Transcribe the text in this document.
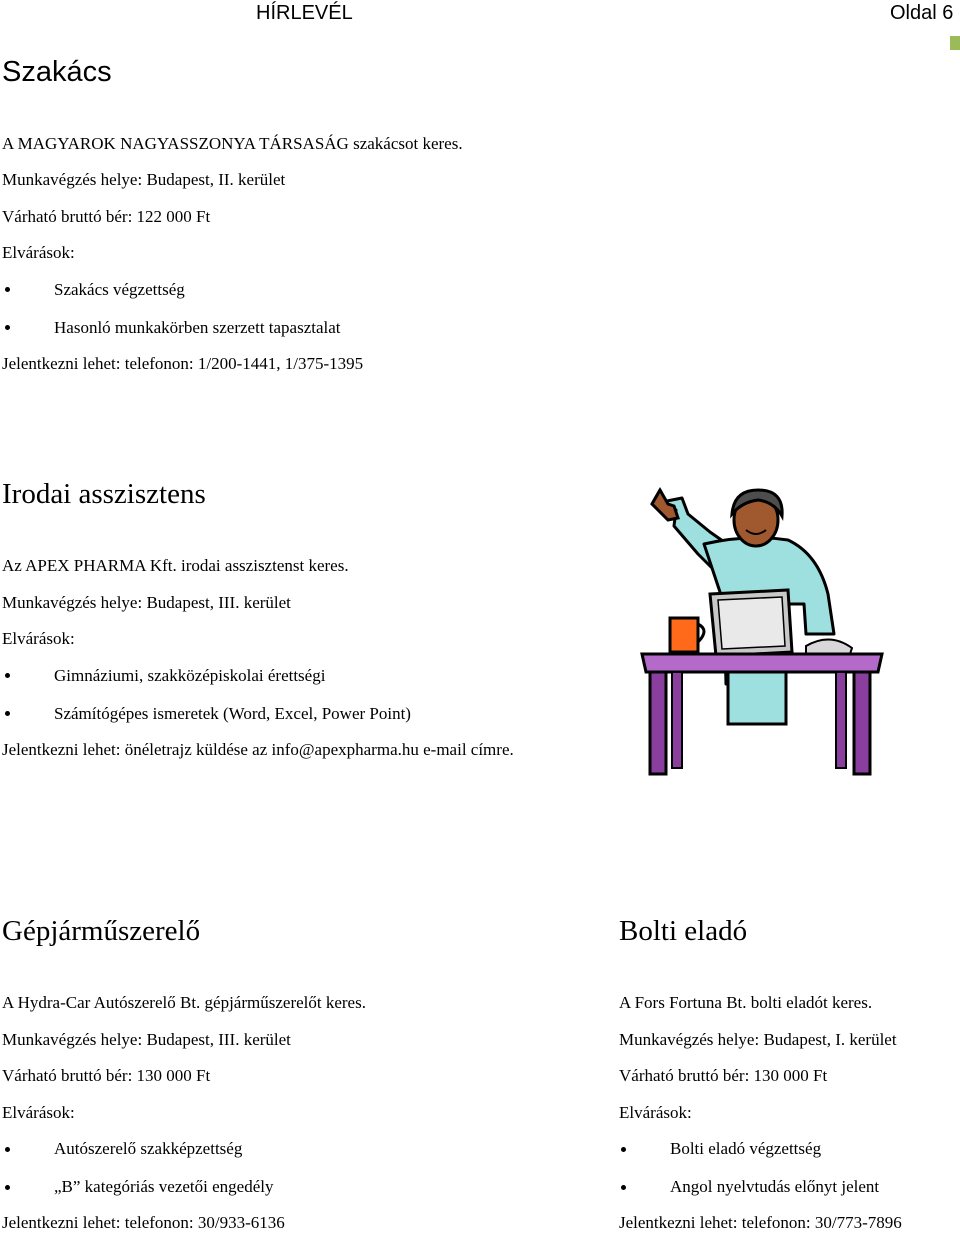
HÍRLEVÉL	Oldal 6
Szakács
A MAGYAROK NAGYASSZONYA TÁRSASÁG szakácsot keres.
Munkavégzés helye: Budapest, II. kerület
Várható bruttó bér: 122 000 Ft
Elvárások:
Szakács végzettség
Hasonló munkakörben szerzett tapasztalat
Jelentkezni lehet: telefonon: 1/200-1441, 1/375-1395
Irodai asszisztens
Az APEX PHARMA Kft. irodai asszisztenst keres.
Munkavégzés helye: Budapest, III. kerület
Elvárások:
Gimnáziumi, szakközépiskolai érettségi
Számítógépes ismeretek (Word, Excel, Power Point)
Jelentkezni lehet: önéletrajz küldése az info@apexpharma.hu e-mail címre.
Gépjárműszerelő
A Hydra-Car Autószerelő Bt. gépjárműszerelőt keres.
Munkavégzés helye: Budapest, III. kerület
Várható bruttó bér: 130 000 Ft
Elvárások:
Autószerelő szakképzettség
„B” kategóriás vezetői engedély
Jelentkezni lehet: telefonon: 30/933-6136
Bolti eladó
A Fors Fortuna Bt. bolti eladót keres.
Munkavégzés helye: Budapest, I. kerület
Várható bruttó bér: 130 000 Ft
Elvárások:
Bolti eladó végzettség
Angol nyelvtudás előnyt jelent
Jelentkezni lehet: telefonon: 30/773-7896
